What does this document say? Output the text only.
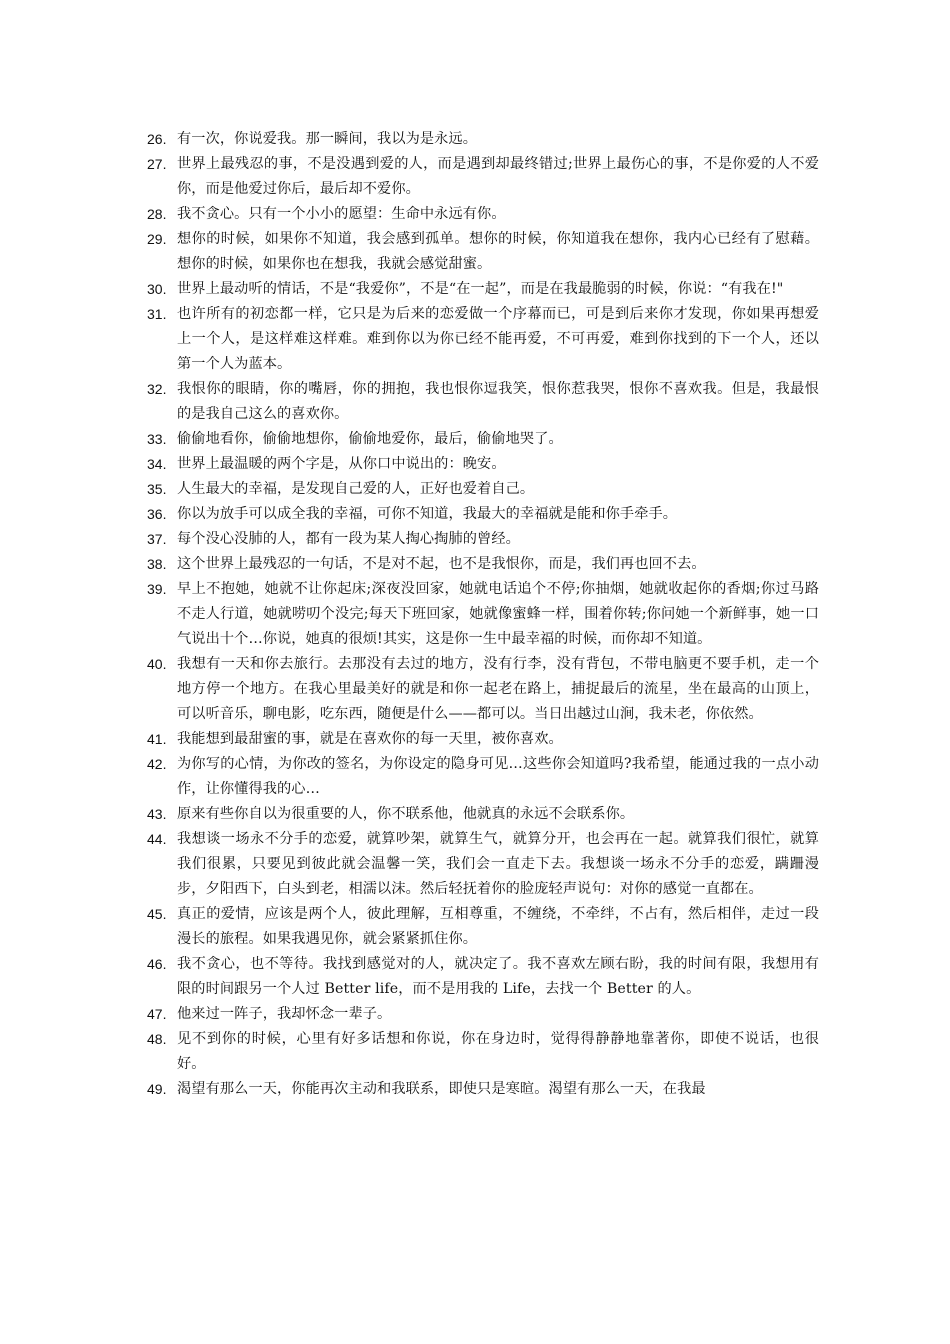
26. 有一次，你说爱我。那一瞬间，我以为是永远。
27. 世界上最残忍的事，不是没遇到爱的人，而是遇到却最终错过;世界上最伤心的事，不是你爱的人不爱你，而是他爱过你后，最后却不爱你。
28. 我不贪心。只有一个小小的愿望：生命中永远有你。
29. 想你的时候，如果你不知道，我会感到孤单。想你的时候，你知道我在想你，我内心已经有了慰藉。想你的时候，如果你也在想我，我就会感觉甜蜜。
30. 世界上最动听的情话，不是“我爱你”，不是“在一起”，而是在我最脆弱的时候，你说：“有我在!"
31. 也许所有的初恋都一样，它只是为后来的恋爱做一个序幕而已，可是到后来你才发现，你如果再想爱上一个人，是这样难这样难。难到你以为你已经不能再爱，不可再爱，难到你找到的下一个人，还以第一个人为蓝本。
32. 我恨你的眼睛，你的嘴唇，你的拥抱，我也恨你逗我笑，恨你惹我哭，恨你不喜欢我。但是，我最恨的是我自己这么的喜欢你。
33. 偷偷地看你，偷偷地想你，偷偷地爱你，最后，偷偷地哭了。
34. 世界上最温暖的两个字是，从你口中说出的：晚安。
35. 人生最大的幸福，是发现自己爱的人，正好也爱着自己。
36. 你以为放手可以成全我的幸福，可你不知道，我最大的幸福就是能和你手牵手。
37. 每个没心没肺的人，都有一段为某人掏心掏肺的曾经。
38. 这个世界上最残忍的一句话，不是对不起，也不是我恨你，而是，我们再也回不去。
39. 早上不抱她，她就不让你起床;深夜没回家，她就电话追个不停;你抽烟，她就收起你的香烟;你过马路不走人行道，她就唠叨个没完;每天下班回家，她就像蜜蜂一样，围着你转;你问她一个新鲜事，她一口气说出十个…你说，她真的很烦!其实，这是你一生中最幸福的时候，而你却不知道。
40. 我想有一天和你去旅行。去那没有去过的地方，没有行李，没有背包，不带电脑更不要手机，走一个地方停一个地方。在我心里最美好的就是和你一起老在路上，捕捉最后的流星，坐在最高的山顶上，可以听音乐，聊电影，吃东西，随便是什么——都可以。当日出越过山涧，我未老，你依然。
41. 我能想到最甜蜜的事，就是在喜欢你的每一天里，被你喜欢。
42. 为你写的心情，为你改的签名，为你设定的隐身可见…这些你会知道吗?我希望，能通过我的一点小动作，让你懂得我的心…
43. 原来有些你自以为很重要的人，你不联系他，他就真的永远不会联系你。
44. 我想谈一场永不分手的恋爱，就算吵架，就算生气，就算分开，也会再在一起。就算我们很忙，就算我们很累，只要见到彼此就会温馨一笑，我们会一直走下去。我想谈一场永不分手的恋爱，蹒跚漫步，夕阳西下，白头到老，相濡以沫。然后轻抚着你的脸庞轻声说句：对你的感觉一直都在。
45. 真正的爱情，应该是两个人，彼此理解，互相尊重，不缠绕，不牵绊，不占有，然后相伴，走过一段漫长的旅程。如果我遇见你，就会紧紧抓住你。
46. 我不贪心，也不等待。我找到感觉对的人，就决定了。我不喜欢左顾右盼，我的时间有限，我想用有限的时间跟另一个人过 Better life，而不是用我的 Life，去找一个 Better 的人。
47. 他来过一阵子，我却怀念一辈子。
48. 见不到你的时候，心里有好多话想和你说，你在身边时，觉得得静静地靠著你，即使不说话，也很好。
49. 渴望有那么一天，你能再次主动和我联系，即使只是寒暄。渴望有那么一天，在我最
